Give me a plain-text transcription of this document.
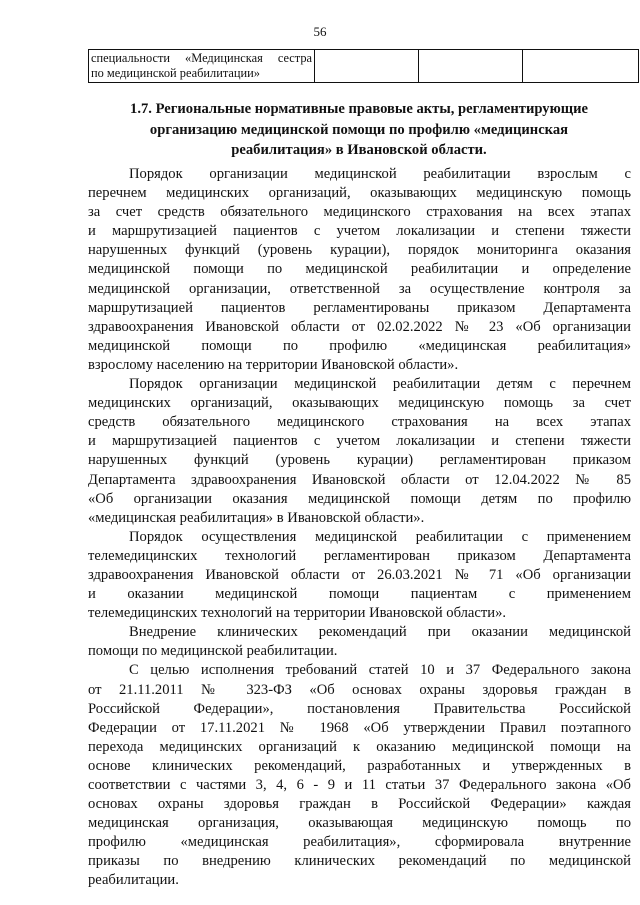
56
специальности «Медицинская сестра
по медицинской реабилитации»

1.7. Региональные нормативные правовые акты, регламентирующие
организацию медицинской помощи по профилю «медицинская
реабилитация» в Ивановской области.
Порядок организации медицинской реабилитации взрослым с
перечнем медицинских организаций, оказывающих медицинскую помощь
за счет средств обязательного медицинского страхования на всех этапах
и маршрутизацией пациентов с учетом локализации и степени тяжести
нарушенных функций (уровень курации), порядок мониторинга оказания
медицинской помощи по медицинской реабилитации и определение
медицинской организации, ответственной за осуществление контроля за
маршрутизацией пациентов регламентированы приказом Департамента
здравоохранения Ивановской области от 02.02.2022 № 23 «Об организации
медицинской помощи по профилю «медицинская реабилитация»
взрослому населению на территории Ивановской области».
Порядок организации медицинской реабилитации детям с перечнем
медицинских организаций, оказывающих медицинскую помощь за счет
средств обязательного медицинского страхования на всех этапах
и маршрутизацией пациентов с учетом локализации и степени тяжести
нарушенных функций (уровень курации) регламентирован приказом
Департамента здравоохранения Ивановской области от 12.04.2022 № 85
«Об организации оказания медицинской помощи детям по профилю
«медицинская реабилитация» в Ивановской области».
Порядок осуществления медицинской реабилитации с применением
телемедицинских технологий регламентирован приказом Департамента
здравоохранения Ивановской области от 26.03.2021 № 71 «Об организации
и оказании медицинской помощи пациентам с применением
телемедицинских технологий на территории Ивановской области».
Внедрение клинических рекомендаций при оказании медицинской
помощи по медицинской реабилитации.
С целью исполнения требований статей 10 и 37 Федерального закона
от 21.11.2011 № 323-ФЗ «Об основах охраны здоровья граждан в
Российской Федерации», постановления Правительства Российской
Федерации от 17.11.2021 № 1968 «Об утверждении Правил поэтапного
перехода медицинских организаций к оказанию медицинской помощи на
основе клинических рекомендаций, разработанных и утвержденных в
соответствии с частями 3, 4, 6 - 9 и 11 статьи 37 Федерального закона «Об
основах охраны здоровья граждан в Российской Федерации» каждая
медицинская организация, оказывающая медицинскую помощь по
профилю «медицинская реабилитация», сформировала внутренние
приказы по внедрению клинических рекомендаций по медицинской
реабилитации.
